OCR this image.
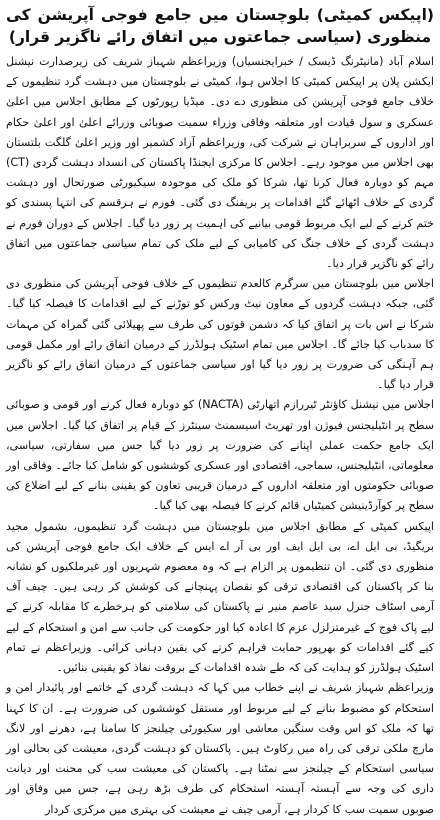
(اپیکس کمیٹی) بلوچستان میں جامع فوجی آپریشن کی منظوری (سیاسی جماعتوں میں اتفاق رائے ناگزیر قرار)

اسلام آباد (مانیٹرنگ ڈیسک / خبرایجنسیاں) وزیراعظم شہباز شریف کی زیرصدارت نیشنل ایکشن پلان پر اپیکس کمیٹی کا اجلاس ہوا، کمیٹی نے بلوچستان میں دہشت گرد تنظیموں کے خلاف جامع فوجی آپریشن کی منظوری دے دی۔ میڈیا رپورٹوں کے مطابق اجلاس میں اعلیٰ عسکری و سول قیادت اور متعلقہ وفاقی وزراء سمیت صوبائی وزرائے اعلیٰ اور اعلیٰ حکام اور اداروں کے سربراہان نے شرکت کی، وزیراعظم آزاد کشمیر اور وزیر اعلیٰ گلگت بلتستان بھی اجلاس میں موجود رہے۔ اجلاس کا مرکزی ایجنڈا پاکستان کی انسداد دہشت گردی (CT) مہم کو دوبارہ فعال کرنا تھا، شرکا کو ملک کی موجودہ سیکیورٹی صورتحال اور دہشت گردی کے خلاف اٹھائے گئے اقدامات پر بریفنگ دی گئی۔ فورم نے ہرقسم کی انتہا پسندی کو ختم کرنے کے لیے ایک مربوط قومی بیانیے کی اہمیت پر زور دیا گیا۔ اجلاس کے دوران فورم نے دہشت گردی کے خلاف جنگ کی کامیابی کے لیے ملک کی تمام سیاسی جماعتوں میں اتفاق رائے کو ناگزیر قرار دیا۔

اجلاس میں بلوچستان میں سرگرم کالعدم تنظیموں کے خلاف فوجی آپریشن کی منظوری دی گئی، جبکہ دہشت گردوں کے معاون نیٹ ورکس کو توڑنے کے لیے اقدامات کا فیصلہ کیا گیا۔ شرکا نے اس بات پر اتفاق کیا کہ دشمن قوتوں کی طرف سے پھیلائی گئی گمراہ کن مہمات کا سدباب کیا جائے گا۔ اجلاس میں تمام اسٹیک ہولڈرز کے درمیان اتفاق رائے اور مکمل قومی ہم آہنگی کی ضرورت پر زور دیا گیا اور سیاسی جماعتوں کے درمیان اتفاق رائے کو ناگزیر قرار دیا گیا۔

اجلاس میں نیشنل کاؤنٹر ٹیررازم اتھارٹی (NACTA) کو دوبارہ فعال کرنے اور قومی و صوبائی سطح پر انٹیلیجنس فیوژن اور تھریٹ اسیسمنٹ سینٹرز کے قیام پر اتفاق کیا گیا۔ اجلاس میں ایک جامع حکمت عملی اپنانے کی ضرورت پر زور دیا گیا جس میں سفارتی، سیاسی، معلوماتی، انٹیلیجنس، سماجی، اقتصادی اور عسکری کوششوں کو شامل کیا جائے۔ وفاقی اور صوبائی حکومتوں اور متعلقہ اداروں کے درمیان قریبی تعاون کو یقینی بنانے کے لیے اضلاع کی سطح پر کوآرڈینیشن کمیٹیاں قائم کرنے کا فیصلہ بھی کیا گیا۔

اپیکس کمیٹی کے مطابق اجلاس میں بلوچستان میں دہشت گرد تنظیموں، بشمول مجید بریگیڈ، بی ایل اے، بی ایل ایف اور بی آر اے ایس کے خلاف ایک جامع فوجی آپریشن کی منظوری دی گئی۔ ان تنظیموں پر الزام ہے کہ وہ معصوم شہریوں اور غیرملکیوں کو نشانہ بنا کر پاکستان کی اقتصادی ترقی کو نقصان پہنچانے کی کوشش کر رہی ہیں۔ چیف آف آرمی اسٹاف جنرل سید عاصم منیر نے پاکستان کی سلامتی کو ہرخطرے کا مقابلہ کرنے کے لیے پاک فوج کے غیرمتزلزل عزم کا اعادہ کیا اور حکومت کی جانب سے امن و استحکام کے لیے کیے گئے اقدامات کو بھرپور حمایت فراہم کرنے کی یقین دہانی کرائی۔ وزیراعظم نے تمام اسٹیک ہولڈرز کو ہدایت کی کہ طے شدہ اقدامات کے بروقت نفاذ کو یقینی بنائیں۔

وزیراعظم شہباز شریف نے اپنے خطاب میں کہا کہ دہشت گردی کے خاتمے اور پائیدار امن و استحکام کو مضبوط بنانے کے لیے مربوط اور مستقل کوششوں کی ضرورت ہے۔ ان کا کہنا تھا کہ ملک کو اس وقت سنگین معاشی اور سکیورٹی چیلنجز کا سامنا ہے، دھرنے اور لانگ مارچ ملکی ترقی کی راہ میں رکاوٹ ہیں۔ پاکستان کو دہشت گردی، معیشت کی بحالی اور سیاسی استحکام کے چیلنجز سے نمٹنا ہے۔ پاکستان کی معیشت سب کی محنت اور دیانت داری کی وجہ سے آہستہ آہستہ استحکام کی طرف بڑھ رہی ہے، جس میں وفاق اور صوبوں سمیت سب کا کردار ہے، آرمی چیف نے معیشت کی بہتری میں مرکزی کردار
